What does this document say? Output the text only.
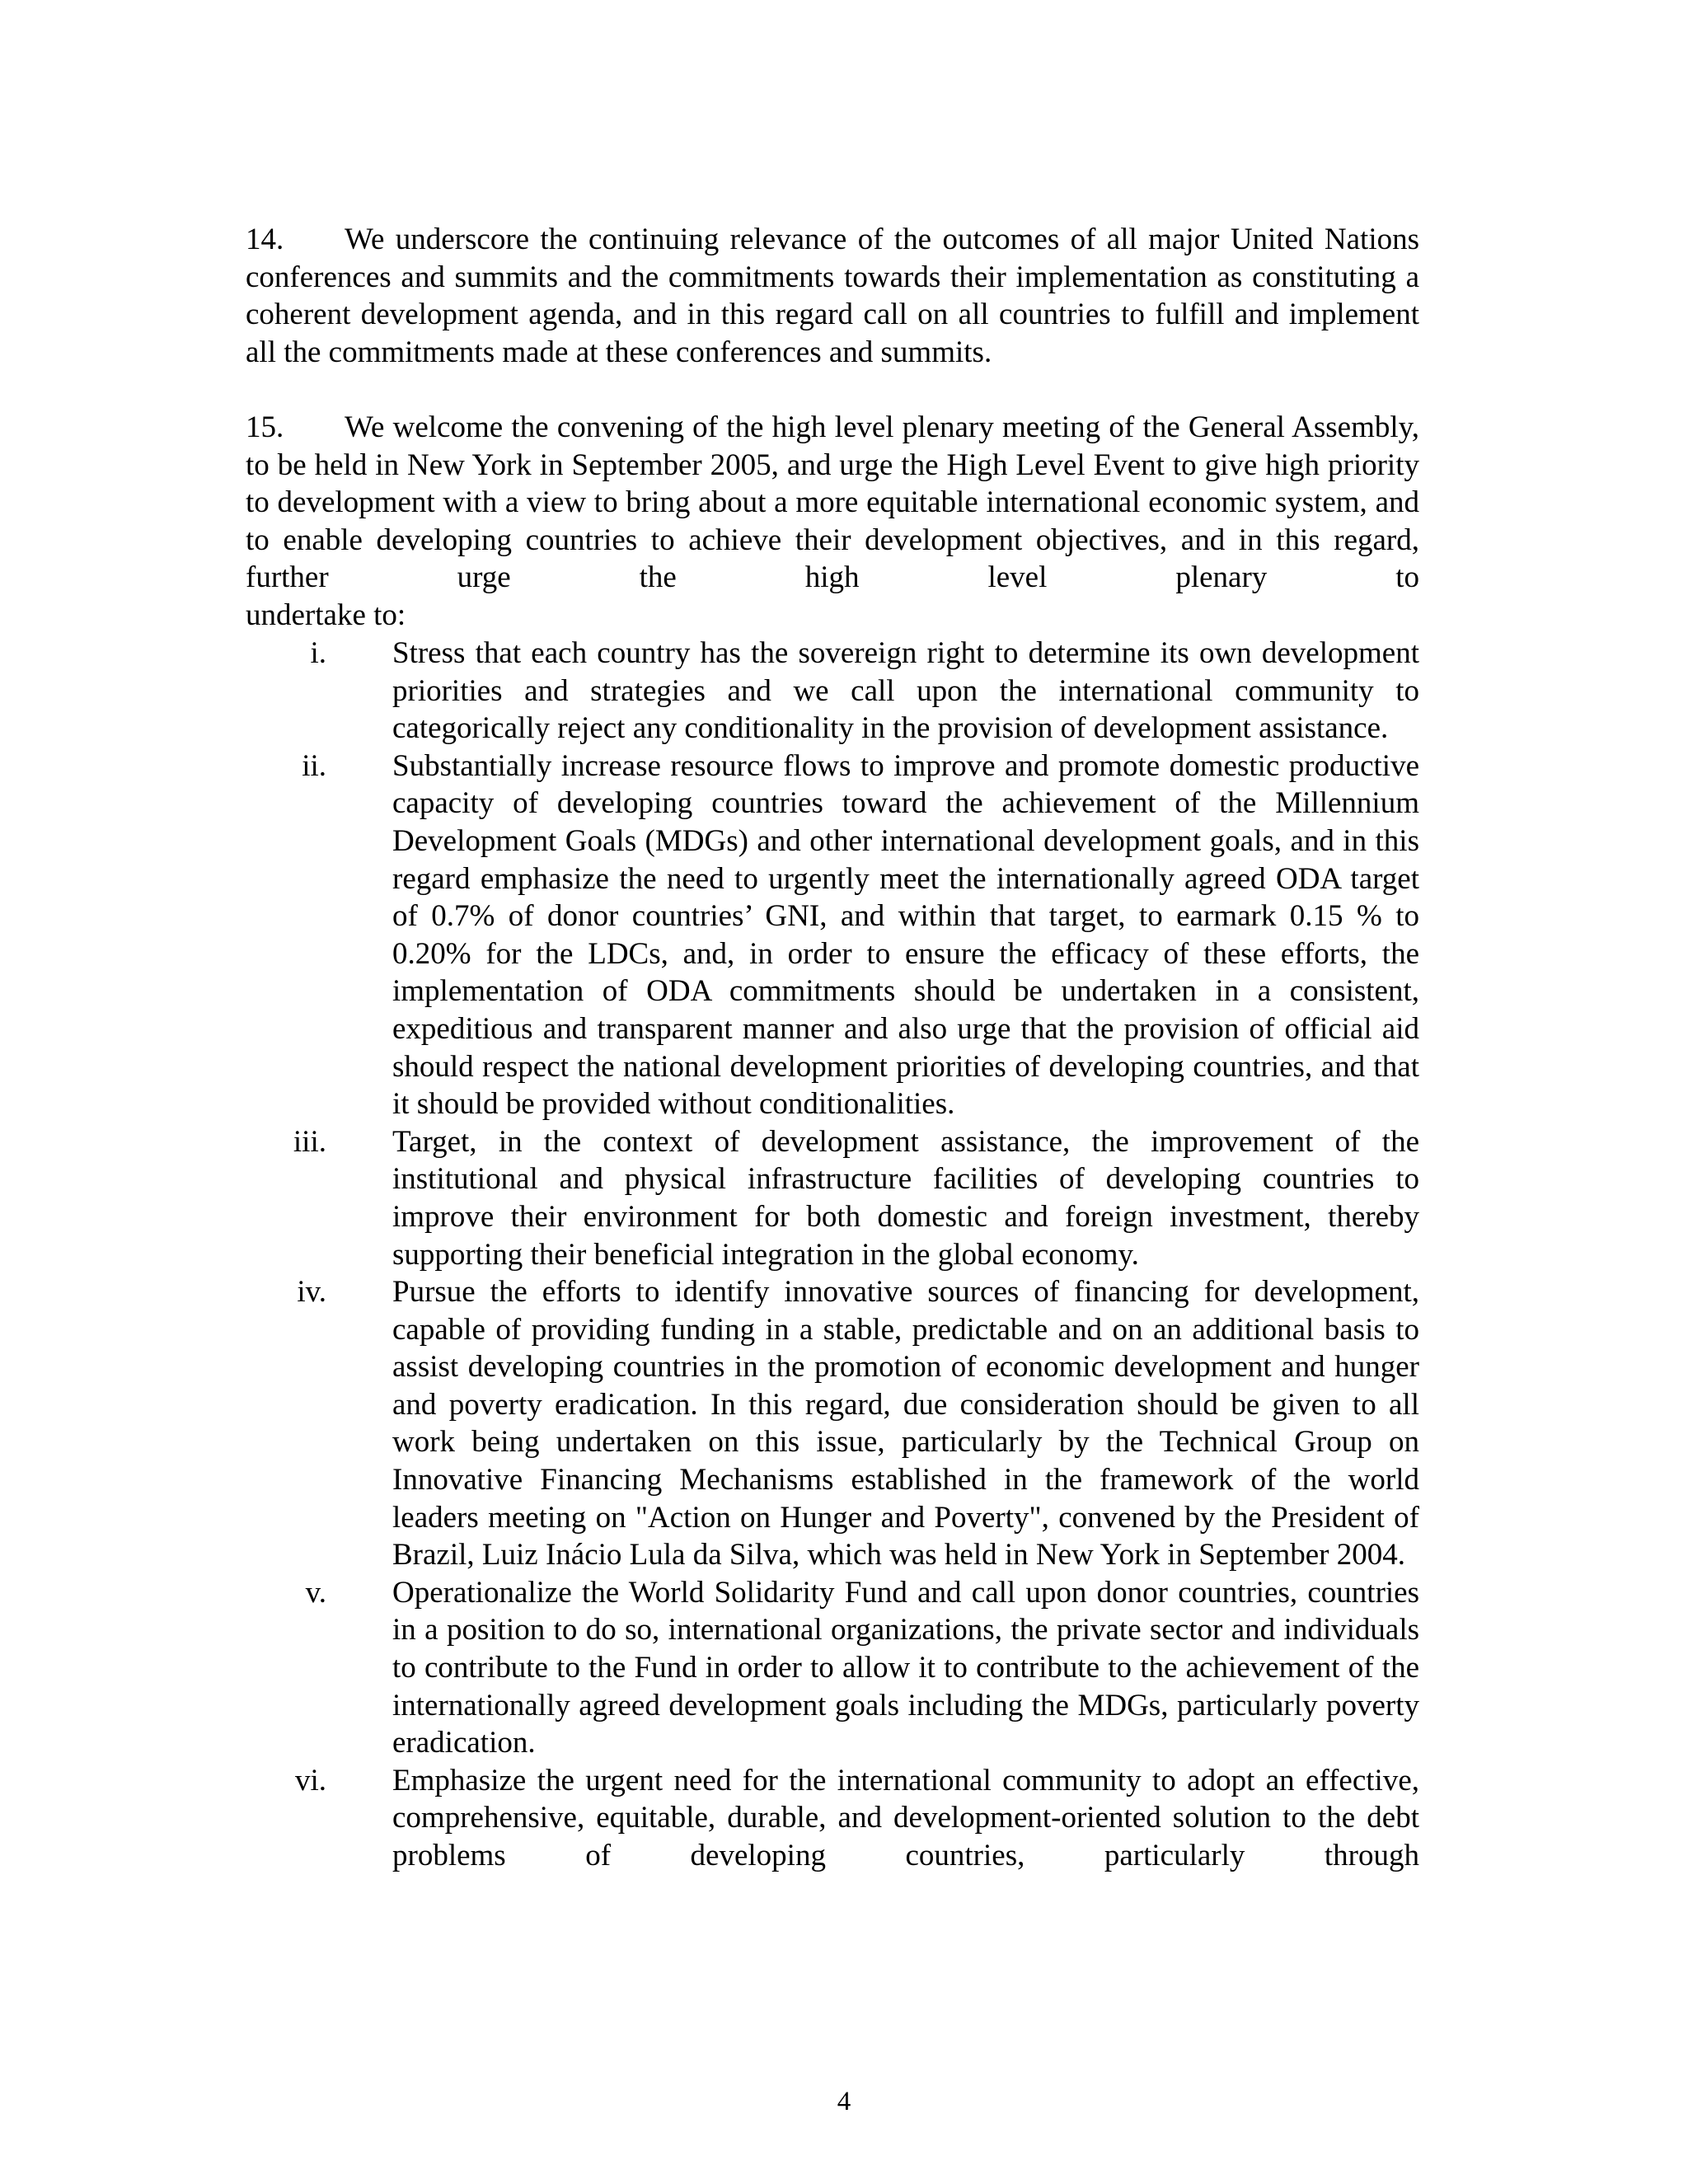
14. We underscore the continuing relevance of the outcomes of all major United Nations conferences and summits and the commitments towards their implementation as constituting a coherent development agenda, and in this regard call on all countries to fulfill and implement all the commitments made at these conferences and summits.
15. We welcome the convening of the high level plenary meeting of the General Assembly, to be held in New York in September 2005, and urge the High Level Event to give high priority to development with a view to bring about a more equitable international economic system, and to enable developing countries to achieve their development objectives, and in this regard, further urge the high level plenary to
undertake to:
i. Stress that each country has the sovereign right to determine its own development priorities and strategies and we call upon the international community to categorically reject any conditionality in the provision of development assistance.
ii. Substantially increase resource flows to improve and promote domestic productive capacity of developing countries toward the achievement of the Millennium Development Goals (MDGs) and other international development goals, and in this regard emphasize the need to urgently meet the internationally agreed ODA target of 0.7% of donor countries’ GNI, and within that target, to earmark 0.15 % to 0.20% for the LDCs, and, in order to ensure the efficacy of these efforts, the implementation of ODA commitments should be undertaken in a consistent, expeditious and transparent manner and also urge that the provision of official aid should respect the national development priorities of developing countries, and that it should be provided without conditionalities.
iii. Target, in the context of development assistance, the improvement of the institutional and physical infrastructure facilities of developing countries to improve their environment for both domestic and foreign investment, thereby supporting their beneficial integration in the global economy.
iv. Pursue the efforts to identify innovative sources of financing for development, capable of providing funding in a stable, predictable and on an additional basis to assist developing countries in the promotion of economic development and hunger and poverty eradication. In this regard, due consideration should be given to all work being undertaken on this issue, particularly by the Technical Group on Innovative Financing Mechanisms established in the framework of the world leaders meeting on "Action on Hunger and Poverty", convened by the President of Brazil, Luiz Inácio Lula da Silva, which was held in New York in September 2004.
v. Operationalize the World Solidarity Fund and call upon donor countries, countries in a position to do so, international organizations, the private sector and individuals to contribute to the Fund in order to allow it to contribute to the achievement of the internationally agreed development goals including the MDGs, particularly poverty eradication.
vi. Emphasize the urgent need for the international community to adopt an effective, comprehensive, equitable, durable, and development-oriented solution to the debt problems of developing countries, particularly through
4
